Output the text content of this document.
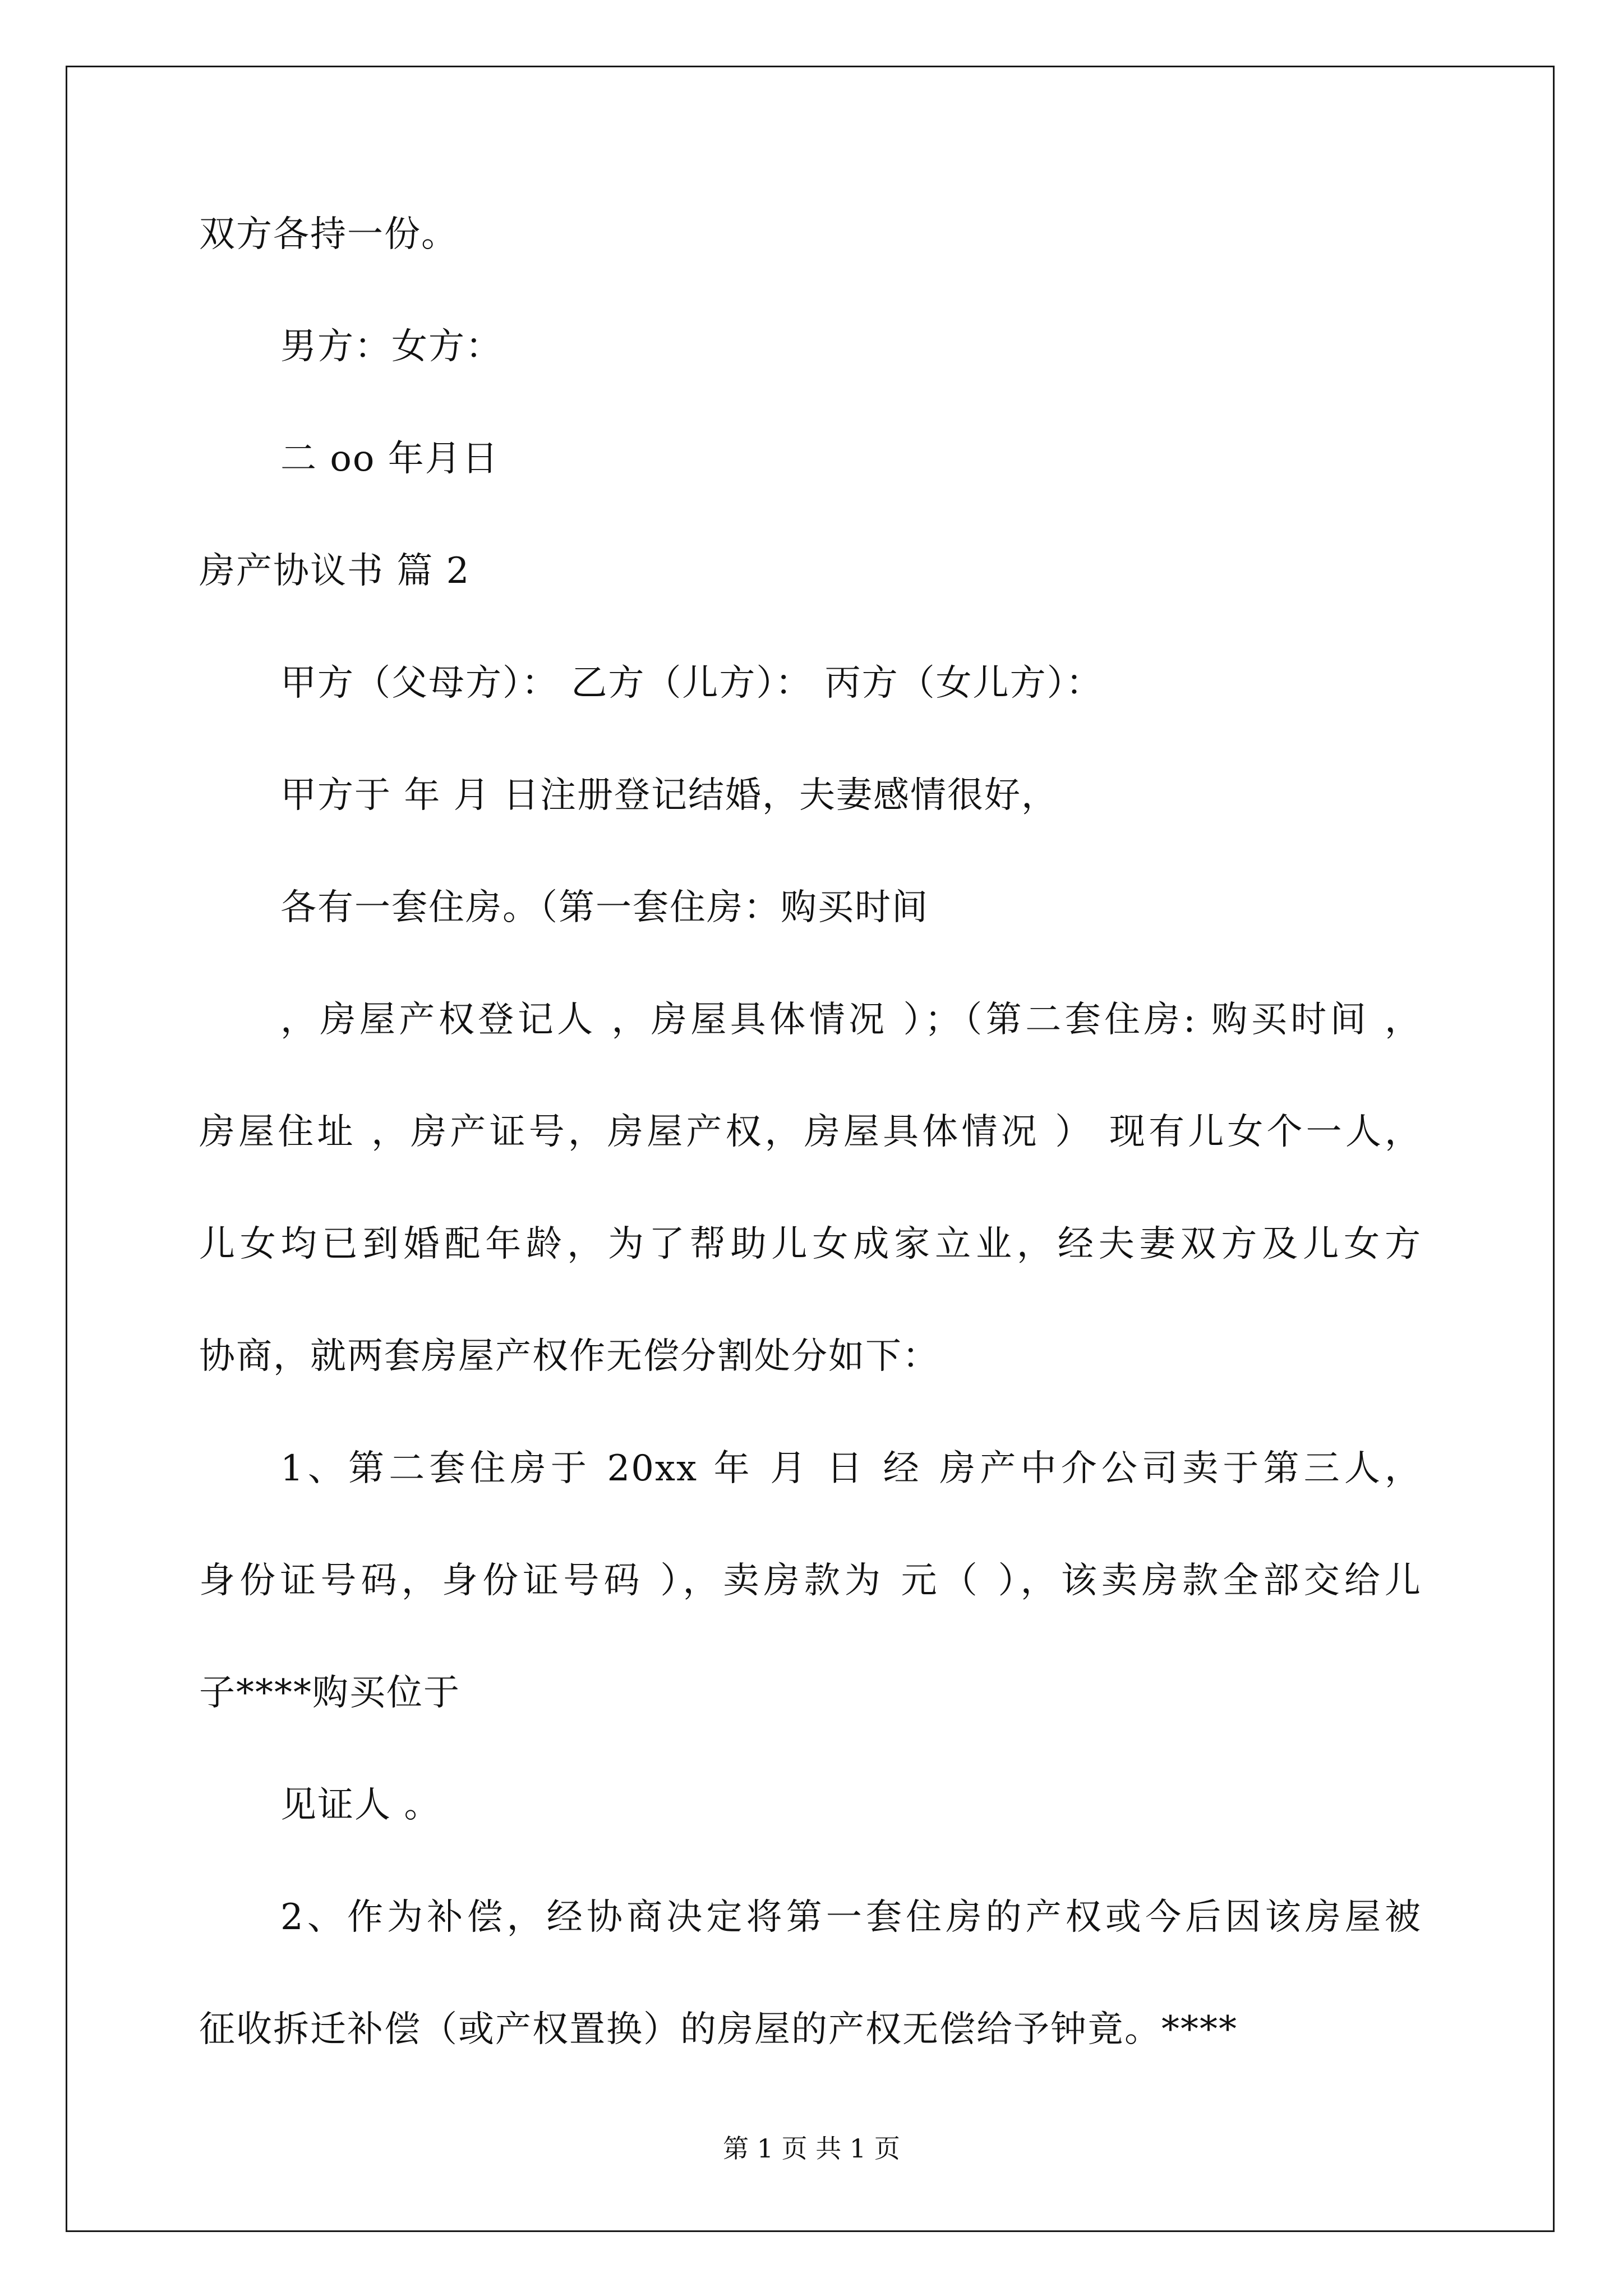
双方各持一份。
男方：女方：
二 oo 年月日
房产协议书 篇 2
甲方（父母方）： 乙方（儿方）： 丙方（女儿方）：
甲方于 年 月 日注册登记结婚，夫妻感情很好，
各有一套住房。（第一套住房：购买时间
，房屋产权登记人 ，房屋具体情况 ）；（第二套住房: 购买时间 ，
房屋住址 ，房产证号，房屋产权，房屋具体情况 ） 现有儿女个一人，
儿女均已到婚配年龄，为了帮助儿女成家立业，经夫妻双方及儿女方
协商，就两套房屋产权作无偿分割处分如下：
1、第二套住房于 20xx 年 月 日 经 房产中介公司卖于第三人，
身份证号码，身份证号码 ），卖房款为 元（ ），该卖房款全部交给儿
子****购买位于
见证人 。
2、作为补偿，经协商决定将第一套住房的产权或今后因该房屋被
征收拆迁补偿（或产权置换）的房屋的产权无偿给予钟竟。****
第 1 页 共 1 页
